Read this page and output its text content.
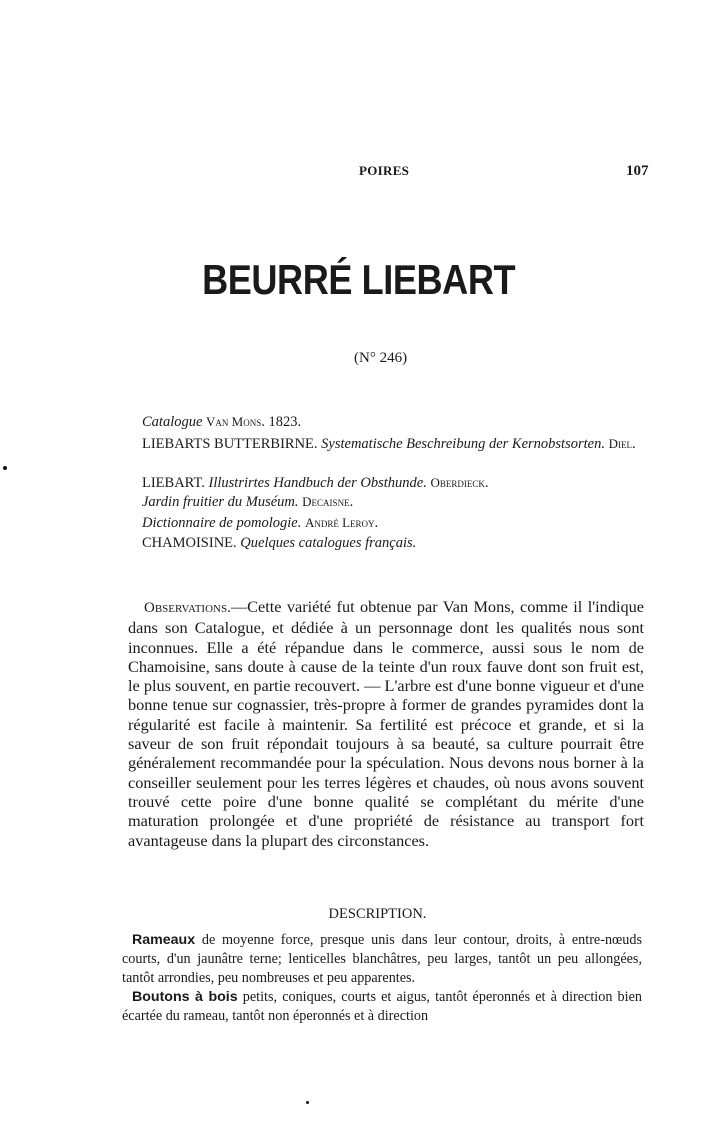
POIRES	107
BEURRÉ LIEBART
(N° 246)
Catalogue Van Mons. 1823.
LIEBARTS BUTTERBIRNE. Systematische Beschreibung der Kernobstsorten. Diel.
LIEBART. Illustrirtes Handbuch der Obsthunde. Oberdieck.
Jardin fruitier du Muséum. Decaisne.
Dictionnaire de pomologie. André Leroy.
CHAMOISINE. Quelques catalogues français.
Observations.—Cette variété fut obtenue par Van Mons, comme il l'indique dans son Catalogue, et dédiée à un personnage dont les qualités nous sont inconnues. Elle a été répandue dans le commerce, aussi sous le nom de Chamoisine, sans doute à cause de la teinte d'un roux fauve dont son fruit est, le plus souvent, en partie recouvert. — L'arbre est d'une bonne vigueur et d'une bonne tenue sur cognassier, très-propre à former de grandes pyramides dont la régularité est facile à maintenir. Sa fertilité est précoce et grande, et si la saveur de son fruit répondait toujours à sa beauté, sa culture pourrait être généralement recommandée pour la spéculation. Nous devons nous borner à la conseiller seulement pour les terres légères et chaudes, où nous avons souvent trouvé cette poire d'une bonne qualité se complétant du mérite d'une maturation prolongée et d'une propriété de résistance au transport fort avantageuse dans la plupart des circonstances.
DESCRIPTION.

Rameaux de moyenne force, presque unis dans leur contour, droits, à entre-nœuds courts, d'un jaunâtre terne; lenticelles blanchâtres, peu larges, tantôt un peu allongées, tantôt arrondies, peu nombreuses et peu apparentes.

Boutons à bois petits, coniques, courts et aigus, tantôt éperonnés et à direction bien écartée du rameau, tantôt non éperonnés et à direction
